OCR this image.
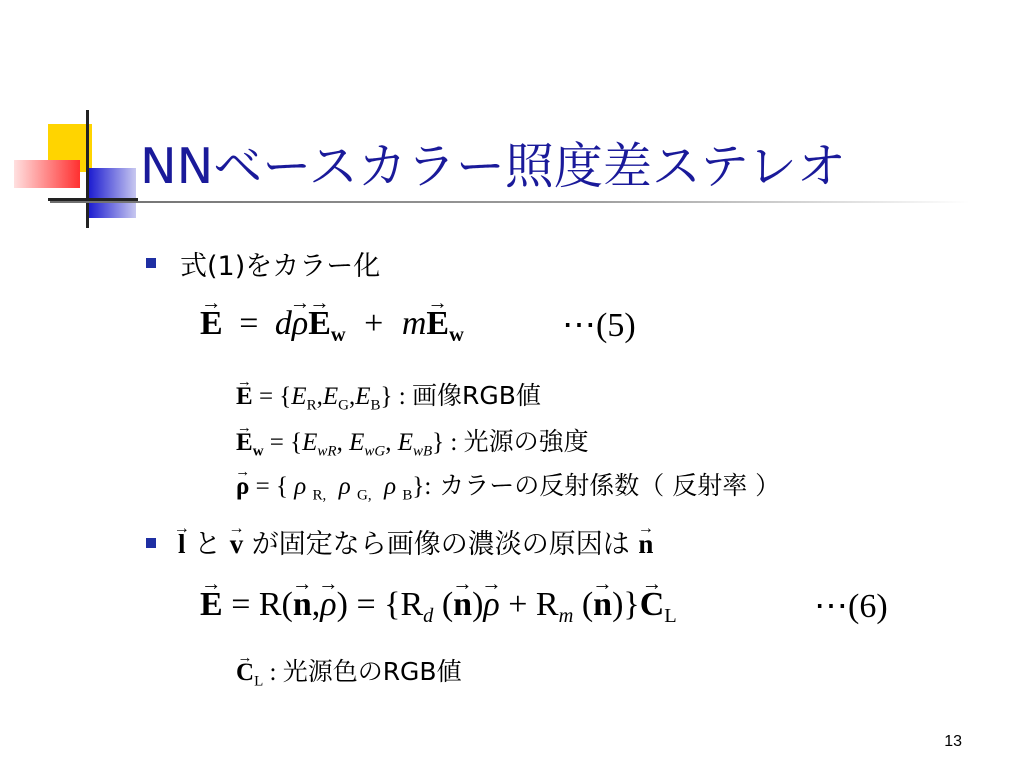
NNベースカラー照度差ステレオ
式(1)をカラー化
→ $E = d\to \rho\to E_w + m\to E_w$	⋯(5)
→ $E = \{E_R,E_G,E_B\}$ : 画像RGB値
→ $E_w = \{E_{wR}$, $E_{wG}$, $E_{wB}$} : 光源の強度
→ ρ = { ρ $_{R,}$ ρ $_{G,}$ ρ $_B$}: カラーの反射係数（ 反射率 ）
→ l と → v が固定なら画像の濃淡の原因は → n
→ $E = R(\to n,\to \rho) = \{R_d$ (→ $n)\to \rho + R_m$ (→ $n)\}\to C_L$	⋯(6)
→ $C_L$ : 光源色のRGB値
13
